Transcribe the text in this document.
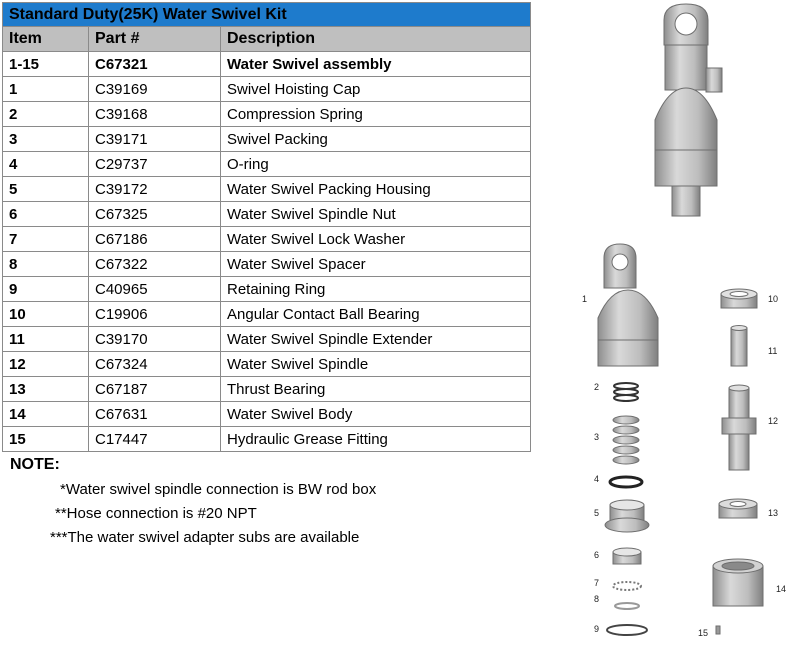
Standard Duty(25K) Water Swivel Kit		
Item	Part #	Description
1-15	C67321	Water Swivel assembly
1	C39169	Swivel Hoisting Cap
2	C39168	Compression Spring
3	C39171	Swivel Packing
4	C29737	O-ring
5	C39172	Water Swivel Packing Housing
6	C67325	Water Swivel Spindle Nut
7	C67186	Water Swivel Lock Washer
8	C67322	Water Swivel Spacer
9	C40965	Retaining Ring
10	C19906	Angular Contact Ball Bearing
11	C39170	Water Swivel Spindle Extender
12	C67324	Water Swivel Spindle
13	C67187	Thrust Bearing
14	C67631	Water Swivel Body
15	C17447	Hydraulic Grease Fitting
NOTE:
*Water swivel spindle connection is BW rod box
**Hose connection is #20 NPT
***The water swivel adapter subs are available
1
2
3
4
5
6
7
8
9
10
11
12
13
14
15
